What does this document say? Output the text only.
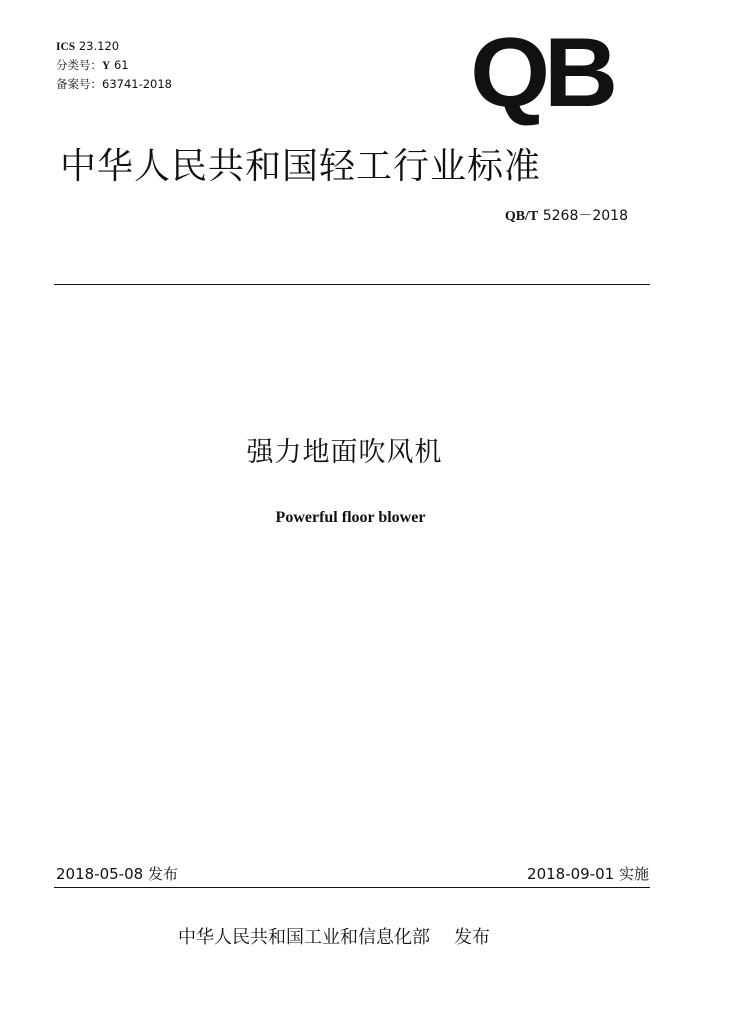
ICS 23.120
分类号：Y 61
备案号：63741-2018	QB
中华人民共和国轻工行业标准
QB/T 5268－2018
强力地面吹风机
Powerful floor blower
2018-05-08 发布	2018-09-01 实施
中华人民共和国工业和信息化部 发布
